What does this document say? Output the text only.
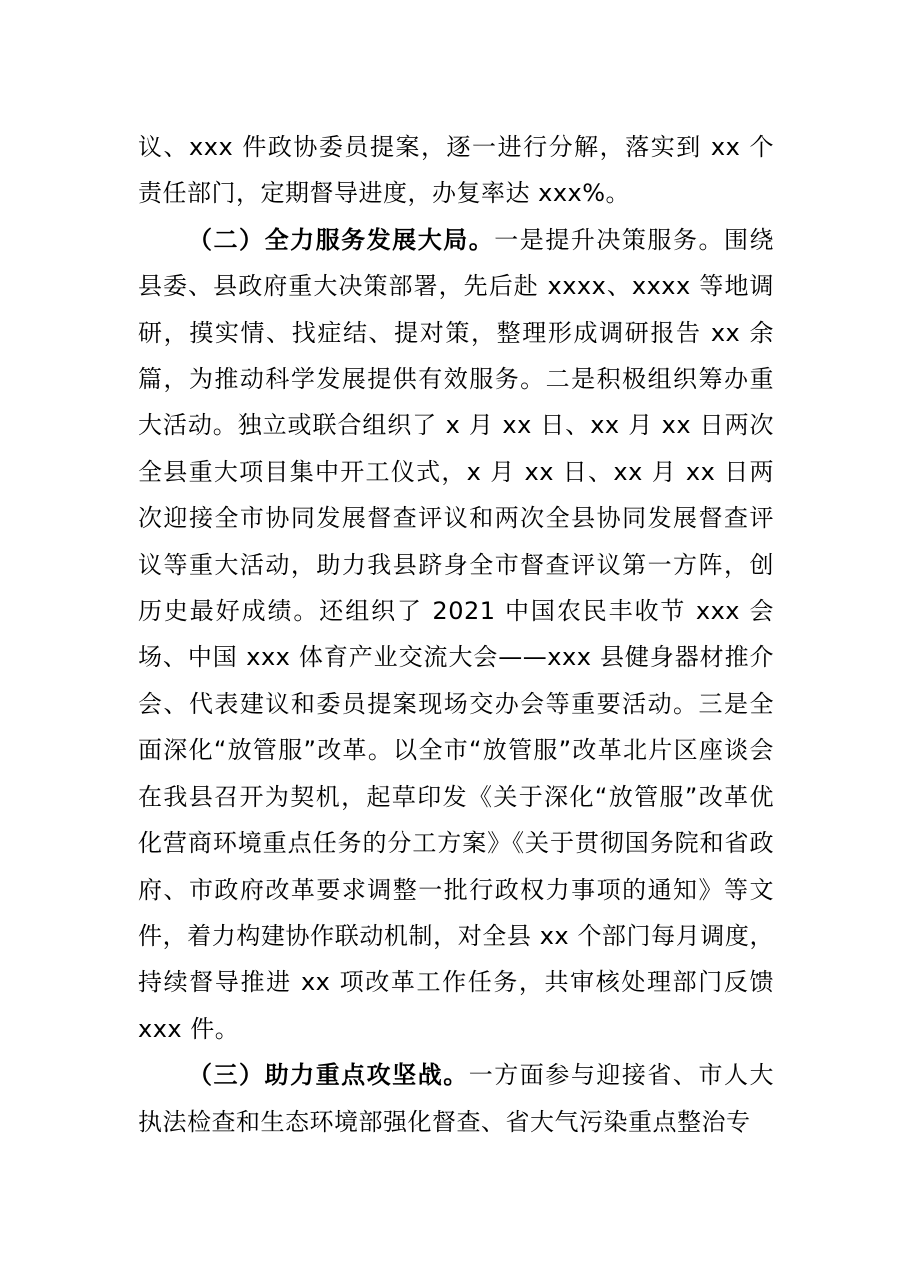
议、xxx 件政协委员提案，逐一进行分解，落实到 xx 个责任部门，定期督导进度，办复率达 xxx%。

（二）全力服务发展大局。一是提升决策服务。围绕县委、县政府重大决策部署，先后赴 xxxx、xxxx 等地调研，摸实情、找症结、提对策，整理形成调研报告 xx 余篇，为推动科学发展提供有效服务。二是积极组织筹办重大活动。独立或联合组织了 x 月 xx 日、xx 月 xx 日两次全县重大项目集中开工仪式，x 月 xx 日、xx 月 xx 日两次迎接全市协同发展督查评议和两次全县协同发展督查评议等重大活动，助力我县跻身全市督查评议第一方阵，创历史最好成绩。还组织了 2021 中国农民丰收节 xxx 会场、中国 xxx 体育产业交流大会——xxx 县健身器材推介会、代表建议和委员提案现场交办会等重要活动。三是全面深化“放管服”改革。以全市“放管服”改革北片区座谈会在我县召开为契机，起草印发《关于深化“放管服”改革优化营商环境重点任务的分工方案》《关于贯彻国务院和省政府、市政府改革要求调整一批行政权力事项的通知》等文件，着力构建协作联动机制，对全县 xx 个部门每月调度，持续督导推进 xx 项改革工作任务，共审核处理部门反馈 xxx 件。

（三）助力重点攻坚战。一方面参与迎接省、市人大执法检查和生态环境部强化督查、省大气污染重点整治专
